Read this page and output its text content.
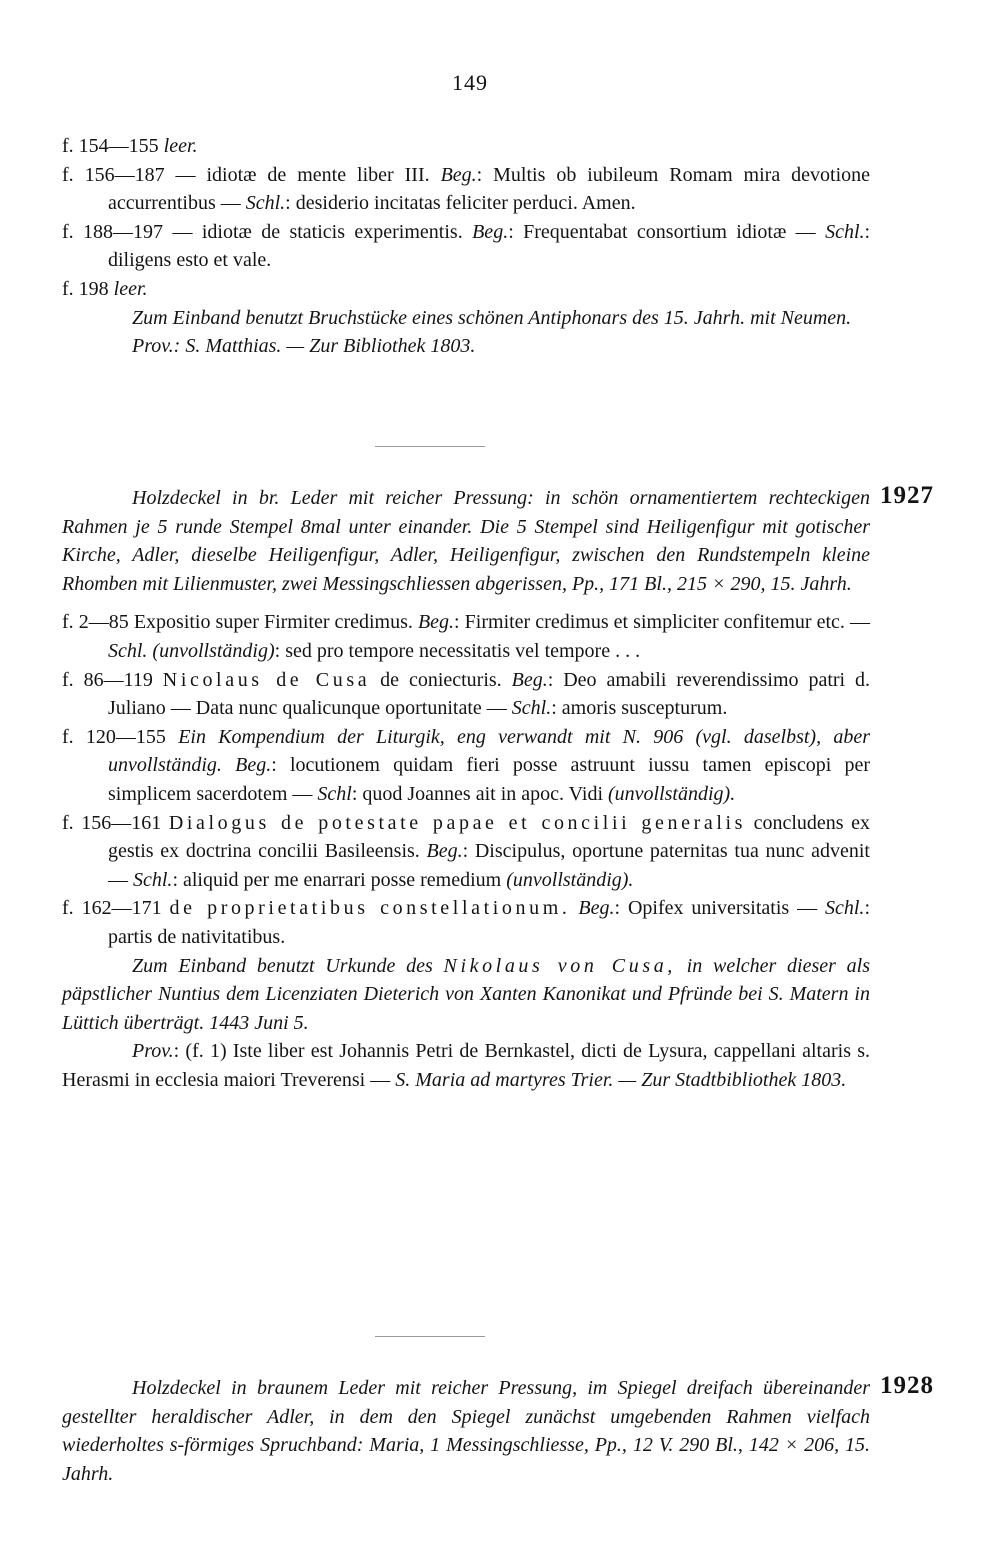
149
f. 154—155 leer.
f. 156—187 — idiotæ de mente liber III. Beg.: Multis ob iubileum Romam mira devotione accurrentibus — Schl.: desiderio incitatas feliciter perduci. Amen.
f. 188—197 — idiotæ de staticis experimentis. Beg.: Frequentabat consortium idiotæ — Schl.: diligens esto et vale.
f. 198 leer.
Zum Einband benutzt Bruchstücke eines schönen Antiphonars des 15. Jahrh. mit Neumen.
Prov.: S. Matthias. — Zur Bibliothek 1803.
1927
Holzdeckel in br. Leder mit reicher Pressung: in schön ornamentiertem rechteckigen Rahmen je 5 runde Stempel 8mal unter einander. Die 5 Stempel sind Heiligenfigur mit gotischer Kirche, Adler, dieselbe Heiligenfigur, Adler, Heiligenfigur, zwischen den Rundstempeln kleine Rhomben mit Lilienmuster, zwei Messingschliessen abgerissen, Pp., 171 Bl., 215 × 290, 15. Jahrh.
f. 2—85 Expositio super Firmiter credimus. Beg.: Firmiter credimus et simpliciter confitemur etc. — Schl. (unvollständig): sed pro tempore necessitatis vel tempore . . .
f. 86—119 Nicolaus de Cusa de coniecturis. Beg.: Deo amabili reverendissimo patri d. Juliano — Data nunc qualicunque oportunitate — Schl.: amoris suscepturum.
f. 120—155 Ein Kompendium der Liturgik, eng verwandt mit N. 906 (vgl. daselbst), aber unvollständig. Beg.: locutionem quidam fieri posse astruunt iussu tamen episcopi per simplicem sacerdotem — Schl: quod Joannes ait in apoc. Vidi (unvollständig).
f. 156—161 Dialogus de potestate papae et concilii generalis concludens ex gestis ex doctrina concilii Basileensis. Beg.: Discipulus, oportune paternitas tua nunc advenit — Schl.: aliquid per me enarrari posse remedium (unvollständig).
f. 162—171 de proprietatibus constellationum. Beg.: Opifex universitatis — Schl.: partis de nativitatibus.
Zum Einband benutzt Urkunde des Nikolaus von Cusa, in welcher dieser als päpstlicher Nuntius dem Licenziaten Dieterich von Xanten Kanonikat und Pfründe bei S. Matern in Lüttich überträgt. 1443 Juni 5.
Prov.: (f. 1) Iste liber est Johannis Petri de Bernkastel, dicti de Lysura, cappellani altaris s. Herasmi in ecclesia maiori Treverensi — S. Maria ad martyres Trier. — Zur Stadtbibliothek 1803.
1928
Holzdeckel in braunem Leder mit reicher Pressung, im Spiegel dreifach übereinander gestellter heraldischer Adler, in dem den Spiegel zunächst umgebenden Rahmen vielfach wiederholtes s-förmiges Spruchband: Maria, 1 Messingschliesse, Pp., 12 V. 290 Bl., 142 × 206, 15. Jahrh.
